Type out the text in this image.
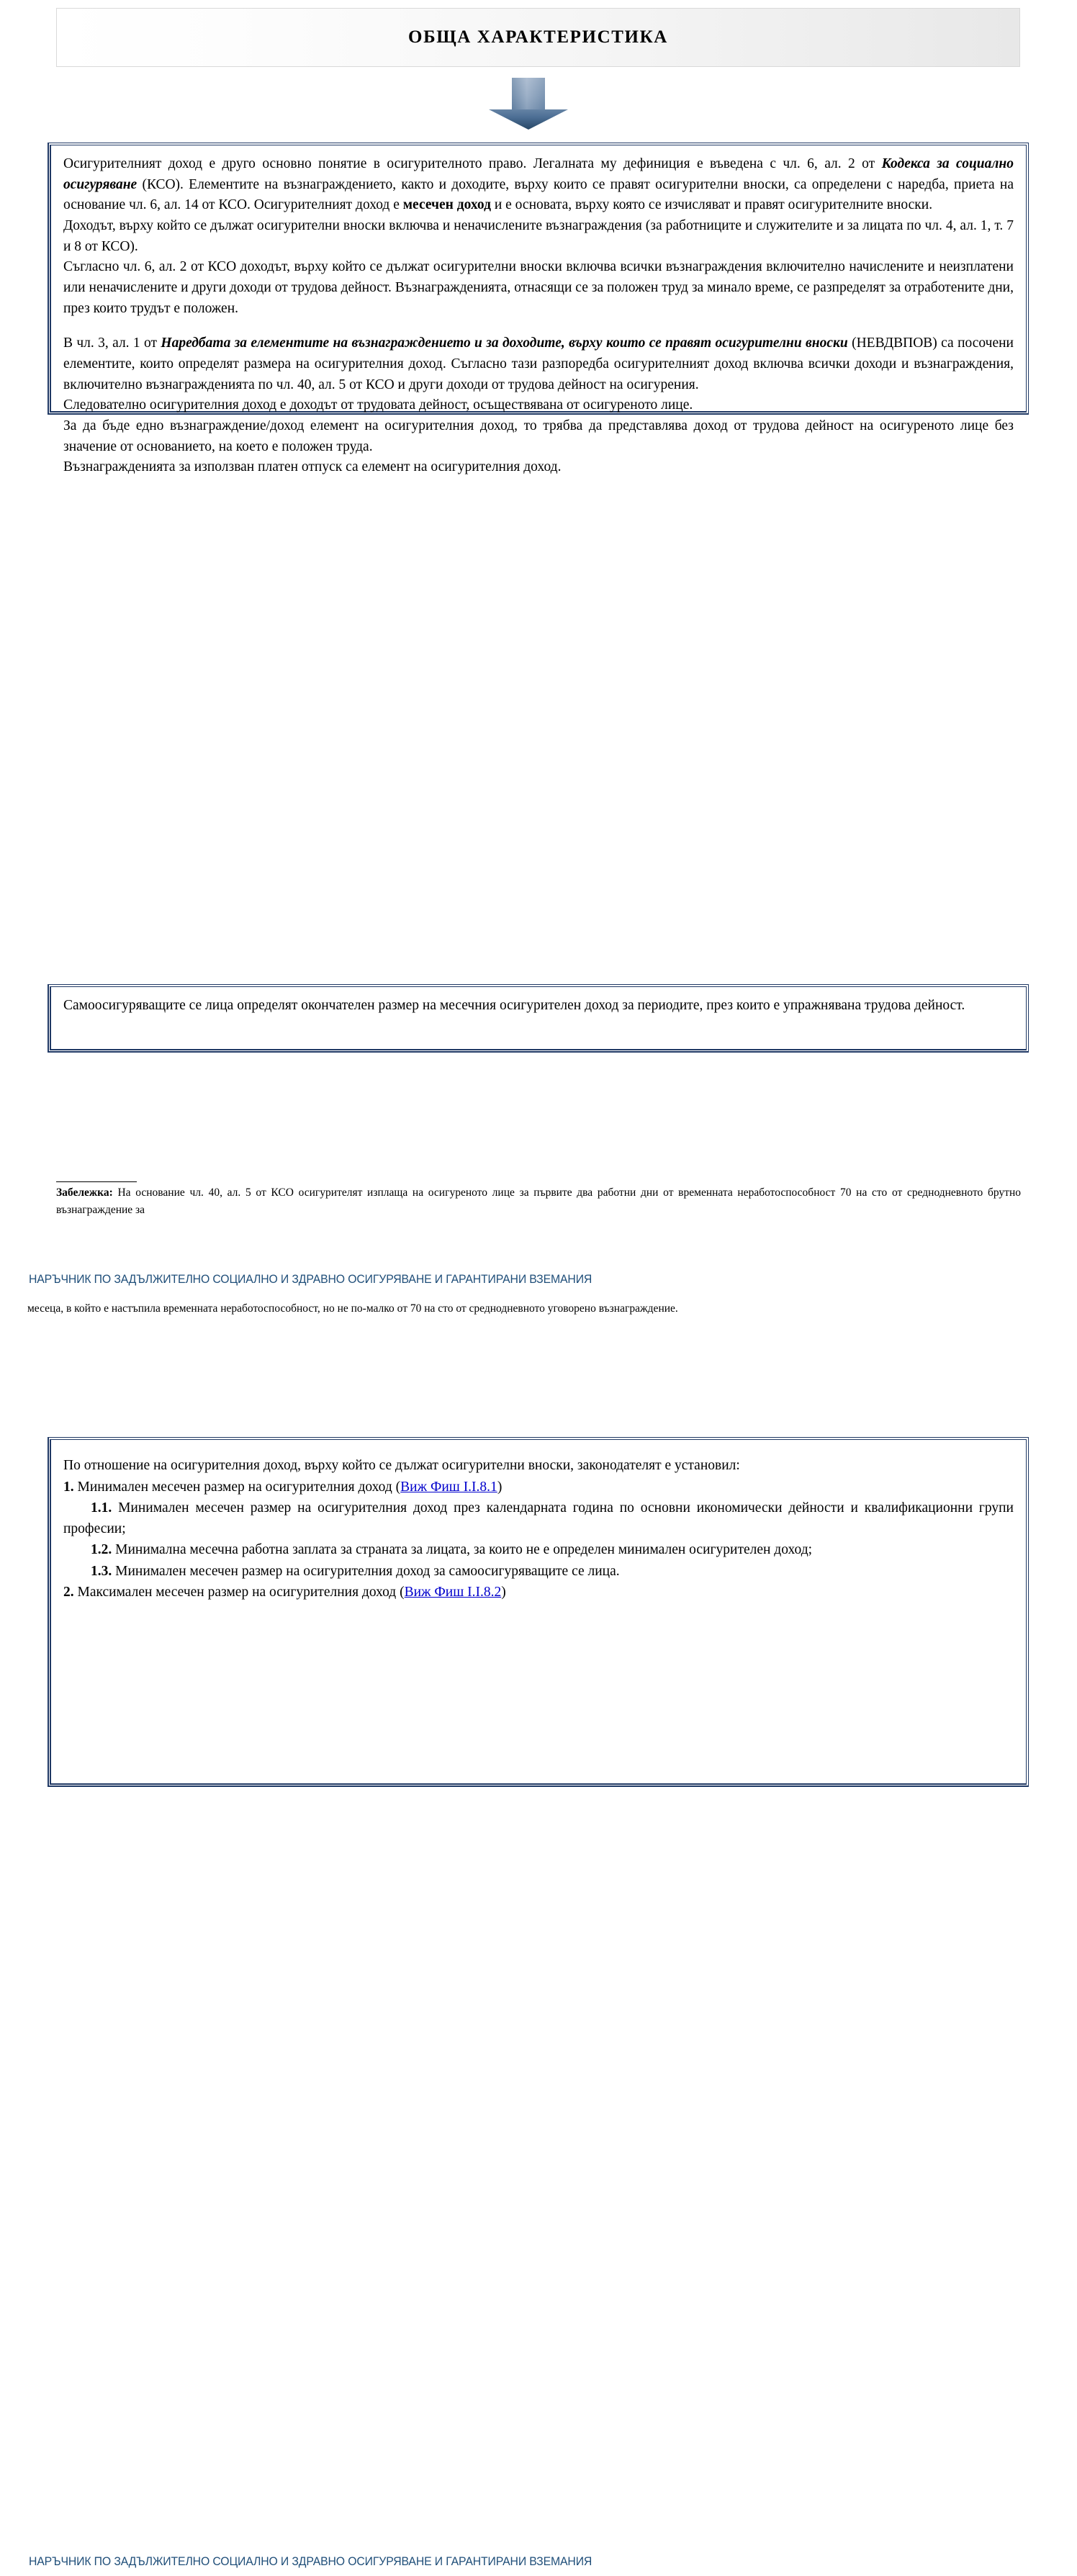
ОБЩА ХАРАКТЕРИСТИКА

Осигурителният доход е друго основно понятие в осигурителното право. Легалната му дефиниция е въведена с чл. 6, ал. 2 от Кодекса за социално осигуряване (КСО). Елементите на възнаграждението, както и доходите, върху които се правят осигурителни вноски, са определени с наредба, приета на основание чл. 6, ал. 14 от КСО. Осигурителният доход е месечен доход и е основата, върху която се изчисляват и правят осигурителните вноски.

Доходът, върху който се дължат осигурителни вноски включва и неначислените възнаграждения (за работниците и служителите и за лицата по чл. 4, ал. 1, т. 7 и 8 от КСО).

Съгласно чл. 6, ал. 2 от КСО доходът, върху който се дължат осигурителни вноски включва всички възнаграждения включително начислените и неизплатени или неначислените и други доходи от трудова дейност. Възнагражденията, отнасящи се за положен труд за минало време, се разпределят за отработените дни, през които трудът е положен.

В чл. 3, ал. 1 от Наредбата за елементите на възнаграждението и за доходите, върху които се правят осигурителни вноски (НЕВДВПОВ) са посочени елементите, които определят размера на осигурителния доход. Съгласно тази разпоредба осигурителният доход включва всички доходи и възнаграждения, включително възнагражденията по чл. 40, ал. 5 от КСО и други доходи от трудова дейност на осигурения.

Следователно осигурителния доход е доходът от трудовата дейност, осъществявана от осигуреното лице.

За да бъде едно възнаграждение/доход елемент на осигурителния доход, то трябва да представлява доход от трудова дейност на осигуреното лице без значение от основанието, на което е положен труда.

Възнагражденията за използван платен отпуск са елемент на осигурителния доход.

Самоосигуряващите се лица определят окончателен размер на месечния осигурителен доход за периодите, през които е упражнявана трудова дейност.

Забележка: На основание чл. 40, ал. 5 от КСО осигурителят изплаща на осигуреното лице за първите два работни дни от временната неработоспособност 70 на сто от среднодневното брутно възнаграждение за

НАРЪЧНИК ПО ЗАДЪЛЖИТЕЛНО СОЦИАЛНО И ЗДРАВНО ОСИГУРЯВАНЕ И ГАРАНТИРАНИ ВЗЕМАНИЯ

месеца, в който е настъпила временната неработоспособност, но не по-малко от 70 на сто от среднодневното уговорено възнаграждение.

По отношение на осигурителния доход, върху който се дължат осигурителни вноски, законодателят е установил:

1. Минимален месечен размер на осигурителния доход (Виж Фиш I.I.8.1)

1.1. Минимален месечен размер на осигурителния доход през календарната година по основни икономически дейности и квалификационни групи професии;

1.2. Минимална месечна работна заплата за страната за лицата, за които не е определен минимален осигурителен доход;

1.3. Минимален месечен размер на осигурителния доход за самоосигуряващите се лица.

2. Максимален месечен размер на осигурителния доход (Виж Фиш I.I.8.2)

НАРЪЧНИК ПО ЗАДЪЛЖИТЕЛНО СОЦИАЛНО И ЗДРАВНО ОСИГУРЯВАНЕ И ГАРАНТИРАНИ ВЗЕМАНИЯ
